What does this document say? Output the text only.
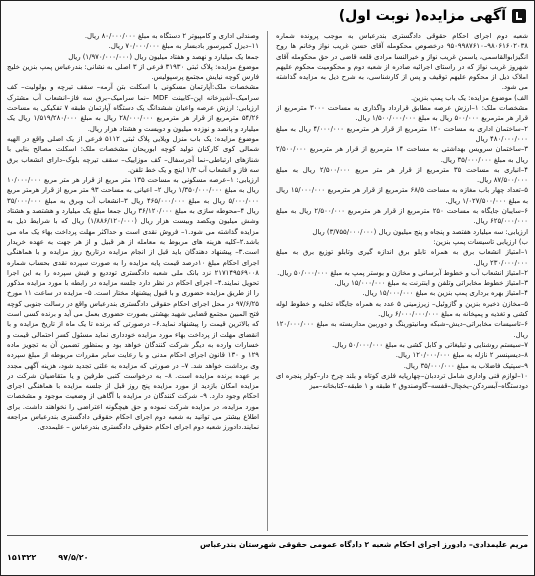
آگهی مزایده( نوبت اول)

شعبه دوم اجرای احکام حقوقی دادگستری بندرعباس به موجب پرونده شماره ۹۸۰۶۱۶۰۲۰۳۸–۹۵۰۹۹۸۷۶۱۰ درخصوص محکومله آقای حسن غریب نواز وخانم ها روح انگیزابوالقاسمی، یاسمن غریب نواز و خیرالنسا مرادی قلعه قاضی در حق محکومله آقای شهروز غریب نواز که در راستای اجرائیه صادره از شعبه دوم و محکومیت محکوم علیهم املاک ذیل از محکوم علیهم توقیف و پس از کارشناسی، به شرح ذیل به مزایده گذاشته می شود.
الف) موضوع مزایده: یک باب پمپ بنزین.
مشخصات ملک: ۱–ارزش عرصه مطابق قرارداد واگذاری به مساحت ۳۰۰۰ مترمربع از قرار هر مترمربع ۵۰۰/۰۰۰ ریال به مبلغ ۱/۵۰۰/۰۰۰/۰۰۰ ریال.
۲–ساختمان اداری به مساحت ۱۲۰ مترمربع از قرار هر مترمربع ۴/۰۰۰/۰۰۰ ریال به مبلغ ۴۸۰/۰۰۰/۰۰۰ ریال
۳–ساختمان سرویس بهداشتی به مساحت ۱۴ مترمربع از قرار هر مترمربع ۲/۵۰۰/۰۰۰ ریال به مبلغ ۳۵/۰۰۰/۰۰۰ ریال.
۴–انباری به مساحت ۳۵ مترمربع از قرار هر متر مربع ۲/۵۰۰/۰۰۰ ریال به مبلغ ۸۷/۵۰۰/۰۰۰ ریال.
۵–تعداد چهار باب مغازه به مساحت ۶۸/۵ مترمربع از قرار هر مترمربع ۱۵/۰۰۰/۰۰۰ ریال به مبلغ ۱/۰۲۷/۵۰۰/۰۰۰ ریال.
۶–سایبان جایگاه به مساحت ۲۵۰ مترمربع از قرار هر مترمربع ۲/۵۰۰/۰۰۰ ریال به مبلغ ۶۲۵/۰۰۰/۰۰۰ ریال.
ارزیابی: سه میلیارد هفتصد و پنجاه و پنج میلیون ریال (۳/۷۵۵/۰۰۰/۰۰۰) ریال
ب) ارزیابی تاسیسات پمپ بنزین:
۱–امتیاز انشعاب برق به همراه تابلو برق اندازه گیری وتابلو توزیع برق به مبلغ ۲۳۰/۰۰۰/۰۰۰ ریال.
۲–امتیاز انشعاب آب و خطوط آبرسانی و مخازن و بوستر پمپ به مبلغ ۵۰/۰۰۰/۰۰۰ ریال.
۳–امتیاز خطوط مخابراتی وتلفن و اینترنت به مبلغ ۱۵/۰۰۰/۰۰۰ ریال.
۴–امتیاز بهره برداری پمپ بنزین به مبلغ ۱۵/۰۰۰/۰۰۰ ریال.
۵–مخازن ذخیره بنزین و گازوئیل– زیرزمینی ۵ عدد به همراه جایگاه تخلیه و خطوط لوله کشی و تغذیه و پمپخانه به مبلغ ۶/۰۰۰/۰۰۰/۰۰۰ ریال.
۶–تاسیسات مخابراتی–دیش–شبکه ومانیتورینگ و دوربین مداربسته به مبلغ ۱۲۰/۰۰۰/۰۰۰ ریال.
۷–سیستم روشنایی و تبلیغاتی و کابل کشی به مبلغ ۵۰/۰۰۰/۰۰۰ ریال.
۸–دیسپنسر ۲ نازله به مبلغ ۱۲۰/۰۰۰/۰۰۰ ریال.
۹–سپتیک فاضلاب به مبلغ ۳۵/۰۰۰/۰۰۰ ریال.
۱۰–لوازم فنی واداری شامل ترددبان–چهارپایه فلزی کوتاه و بلند چرخ دار–کولر پنجره ای دودستگاه–آبسردکن–یخچال–قفسه–گاوصندوق ۲ طبقه و ۱ طبقه–کتابخانه–میز

وصندلی اداری و کامپیوتر ۲ دستگاه به مبلغ ۸۰/۰۰۰/۰۰۰ ریال.
۱۱–دیزل کمپرسور بادبسار به مبلغ ۷۰/۰۰۰/۰۰۰ ریال.
جمعا یک میلیارد و نهصد و هفتاد میلیون ریال (۱/۹۷۰/۰۰۰/۰۰۰) ریال
موضوع مزایده: پلاک ثبتی ۳۱۹۳۰ فرعی از ۳ اصلی به نشانی: بندرعباس پمپ بنزین خلیج فارس کوچه نیایش مجتمع پرسپولیس.
مشخصات ملک:آپارتمان مسکونی با اسکلت بتن آرمه– سقف تیرچه و بولولیت– کف سرامیک–آشپزخانه اپن–کابینت MDF –نما سرامیک–برق سه فاز–انشعاب آب مشترک ارزیابی: ارزش عرصه واعیان ششدانگ یک دستگاه آپارتمان طبقه ۷ تفکیکی به مساحت ۵۴/۲۶ مترمربع از قرار هر مترمربع ۲۸/۰۰۰/۰۰۰ ریال به مبلغ ۱/۵۱۹/۲۸۰/۰۰۰ ریال یک میلیارد و پانصد و نوزده میلیون و دویست و هشتاد هزار ریال.
موضوع مزایده: یک باب منزل ویلایی پلاک ثبتی ۵۱۱۲ فرعی از یک اصلی واقع در الهیه شمالی کوی کارکنان تولید کوچه ابوریحان مشخصات ملک: اسکلت مصالح بنایی با شنازهای ارتباطی–نما آجرسفال– کف موزاییک– سقف تیرچه بلوک–دارای انشعاب برق سه فاز و انشعاب آب ۱/۲ اینچ و یک خط تلفن.
ارزیابی: ۱–عرصه مسکونی به مساحت ۱۳۵ متر مربع از قرار هر متر مربع ۱۰/۰۰۰/۰۰۰ ریال به مبلغ ۱/۳۵۰/۰۰۰/۰۰۰ ریال ۲– اعیانی به مساحت ۹۳ متر مربع از قرار هرمتر مربع ۵/۰۰۰/۰۰۰ ریال به مبلغ ۴۶۵/۰۰۰/۰۰۰ ریال ۳–انشعاب آب وبرق به مبلغ ۳۵/۰۰۰/۰۰۰ ریال ۴–محوطه سازی به مبلغ ۳۶/۱۲۰/۰۰۰ ریال جمعا مبلغ یک میلیارد و هشتصد و هشتاد وشش میلیون ویکصد وبیست هزار ریال (۱/۸۸۶/۱۲۰/۰۰۰) ریال که با شرایط ذیل به مزایده گذاشته می شود.۱– فروش نقدی است و حداکثر مهلت پرداخت بهاء یک ماه می باشد.۲–کلیه هزینه های مربوط به معامله از هر قبیل و از هر جهت به عهده خریدار است.۳– پیشنهاد دهندگان باید قبل از انجام مزایده درتاریخ روز مزایده و با هماهنگی اجرای احکام مبلغ ۱۰درصد قیمت پایه مزایده را به صورت سپرده نقدی بحساب شماره ۲۱۷۱۴۹۵۶۹۰۰۸ نزد بانک ملی شعبه دادگستری توددیع و فیش سپرده را به این اجرا تحویل نمایند.۴– اجرای احکام در نظر دارد جلسه مزایده در رابطه با مورد مزایده مذکور را از طریق مزایده حضوری و با قبول پیشنهاد مختار است. ۵– مزایده در ساعت ۱۱ مورخ ۹۷/۶/۲۵ در محل اجرای احکام حقوقی دادگستری بندرعباس واقع در رسالت جنوبی کوچه فتح المبین مجتمع قضایی شهید بهشتی بصورت حضوری بعمل می آید و برنده کسی است که بالاترین قیمت را پیشنهاد نماید.۶– درصورتی که برنده تا یک ماه از تاریخ مزایده و با انقضای مهلت از پرداخت بهاء مورد مزایده خودداری نماید مسئول کسر احتمالی قیمت و خسارات وارده به دیگر شرکت کنندگان خواهد بود و بمنظور تضمین آن به تجویز ماده ۱۲۹ و ۱۳۰ قانون اجرای احکام مدنی و با رعایت سایر مقررات مربوطه از مبلغ سپرده وی برداشت خواهد شد. ۷– در صورتی که مزایده به علتی تجدید شود، هزینه آگهی مجدد بر عهده برنده مزایده است. ۸– به درخواست کتبی طرفین و یا متقاضیان شرکت در مزایده امکان بازدید از مورد مزایده پنج روز قبل از جلسه مزایده با هماهنگی اجرای احکام وجود دارد. ۹– شرکت کنندگان در مزایده با آگاهی از وضعیت موجود و مشخصات مورد مزایده، در مزایده شرکت نموده و حق هیچگونه اعتراضی را نخواهند داشت. برای اطلاع بیشتر می توانید به شعبه دوم اجرای احکام حقوقی دادگستری بندرعباس مراجعه نمایند.دادورز شعبه دوم اجرای احکام حقوقی دادگستری بندرعباس – علیمددی.

مریم علیمدادی– دادورز اجرای احکام شعبه ۲ دادگاه عمومی حقوقی شهرستان بندرعباس
۱۵۱۳۲۲	۹۷/۵/۲۰
